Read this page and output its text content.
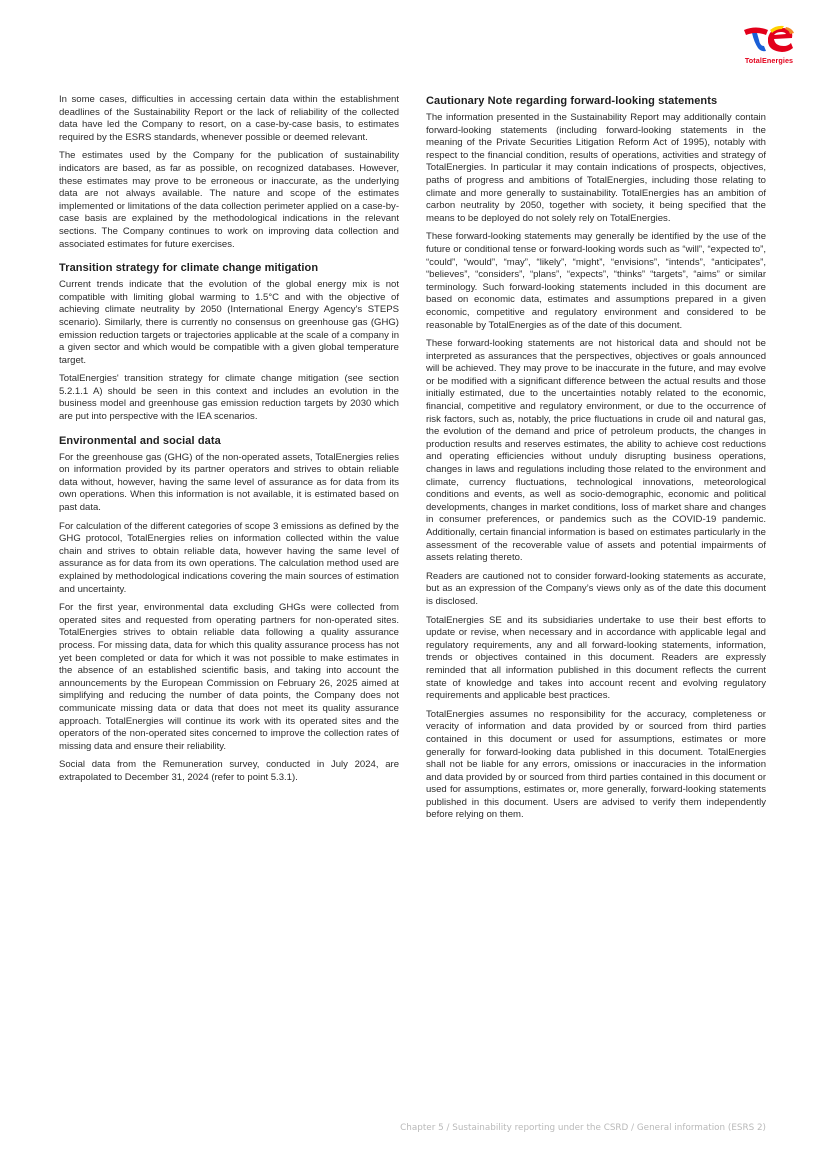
TotalEnergies

In some cases, difficulties in accessing certain data within the establishment deadlines of the Sustainability Report or the lack of reliability of the collected data have led the Company to resort, on a case-by-case basis, to estimates required by the ESRS standards, whenever possible or deemed relevant.

The estimates used by the Company for the publication of sustainability indicators are based, as far as possible, on recognized databases. However, these estimates may prove to be erroneous or inaccurate, as the underlying data are not always available. The nature and scope of the estimates implemented or limitations of the data collection perimeter applied on a case-by-case basis are explained by the methodological indications in the relevant sections. The Company continues to work on improving data collection and associated estimates for future exercises.

Transition strategy for climate change mitigation

Current trends indicate that the evolution of the global energy mix is not compatible with limiting global warming to 1.5°C and with the objective of achieving climate neutrality by 2050 (International Energy Agency's STEPS scenario). Similarly, there is currently no consensus on greenhouse gas (GHG) emission reduction targets or trajectories applicable at the scale of a company in a given sector and which would be compatible with a given global temperature target.

TotalEnergies' transition strategy for climate change mitigation (see section 5.2.1.1 A) should be seen in this context and includes an evolution in the business model and greenhouse gas emission reduction targets by 2030 which are put into perspective with the IEA scenarios.

Environmental and social data

For the greenhouse gas (GHG) of the non-operated assets, TotalEnergies relies on information provided by its partner operators and strives to obtain reliable data without, however, having the same level of assurance as for data from its own operations. When this information is not available, it is estimated based on past data.

For calculation of the different categories of scope 3 emissions as defined by the GHG protocol, TotalEnergies relies on information collected within the value chain and strives to obtain reliable data, however having the same level of assurance as for data from its own operations. The calculation method used are explained by methodological indications covering the main sources of estimation and uncertainty.

For the first year, environmental data excluding GHGs were collected from operated sites and requested from operating partners for non-operated sites. TotalEnergies strives to obtain reliable data following a quality assurance process. For missing data, data for which this quality assurance process has not yet been completed or data for which it was not possible to make estimates in the absence of an established scientific basis, and taking into account the announcements by the European Commission on February 26, 2025 aimed at simplifying and reducing the number of data points, the Company does not communicate missing data or data that does not meet its quality assurance approach. TotalEnergies will continue its work with its operated sites and the operators of the non-operated sites concerned to improve the collection rates of missing data and ensure their reliability.

Social data from the Remuneration survey, conducted in July 2024, are extrapolated to December 31, 2024 (refer to point 5.3.1).

Cautionary Note regarding forward-looking statements

The information presented in the Sustainability Report may additionally contain forward-looking statements (including forward-looking statements in the meaning of the Private Securities Litigation Reform Act of 1995), notably with respect to the financial condition, results of operations, activities and strategy of TotalEnergies. In particular it may contain indications of prospects, objectives, paths of progress and ambitions of TotalEnergies, including those relating to climate and more generally to sustainability. TotalEnergies has an ambition of carbon neutrality by 2050, together with society, it being specified that the means to be deployed do not solely rely on TotalEnergies.

These forward-looking statements may generally be identified by the use of the future or conditional tense or forward-looking words such as “will”, “expected to”, “could”, “would”, “may”, “likely”, “might”, “envisions”, “intends”, “anticipates”, “believes”, “considers”, “plans”, “expects”, “thinks” “targets”, “aims” or similar terminology. Such forward-looking statements included in this document are based on economic data, estimates and assumptions prepared in a given economic, competitive and regulatory environment and considered to be reasonable by TotalEnergies as of the date of this document.

These forward-looking statements are not historical data and should not be interpreted as assurances that the perspectives, objectives or goals announced will be achieved. They may prove to be inaccurate in the future, and may evolve or be modified with a significant difference between the actual results and those initially estimated, due to the uncertainties notably related to the economic, financial, competitive and regulatory environment, or due to the occurrence of risk factors, such as, notably, the price fluctuations in crude oil and natural gas, the evolution of the demand and price of petroleum products, the changes in production results and reserves estimates, the ability to achieve cost reductions and operating efficiencies without unduly disrupting business operations, changes in laws and regulations including those related to the environment and climate, currency fluctuations, technological innovations, meteorological conditions and events, as well as socio-demographic, economic and political developments, changes in market conditions, loss of market share and changes in consumer preferences, or pandemics such as the COVID-19 pandemic. Additionally, certain financial information is based on estimates particularly in the assessment of the recoverable value of assets and potential impairments of assets relating thereto.

Readers are cautioned not to consider forward-looking statements as accurate, but as an expression of the Company’s views only as of the date this document is disclosed.

TotalEnergies SE and its subsidiaries undertake to use their best efforts to update or revise, when necessary and in accordance with applicable legal and regulatory requirements, any and all forward-looking statements, information, trends or objectives contained in this document. Readers are expressly reminded that all information published in this document reflects the current state of knowledge and takes into account recent and evolving regulatory requirements and applicable best practices.

TotalEnergies assumes no responsibility for the accuracy, completeness or veracity of information and data provided by or sourced from third parties contained in this document or used for assumptions, estimates or more generally for forward-looking data published in this document. TotalEnergies shall not be liable for any errors, omissions or inaccuracies in the information and data provided by or sourced from third parties contained in this document or used for assumptions, estimates or, more generally, forward-looking statements published in this document. Users are advised to verify them independently before relying on them.

Chapter 5 / Sustainability reporting under the CSRD / General information (ESRS 2)
